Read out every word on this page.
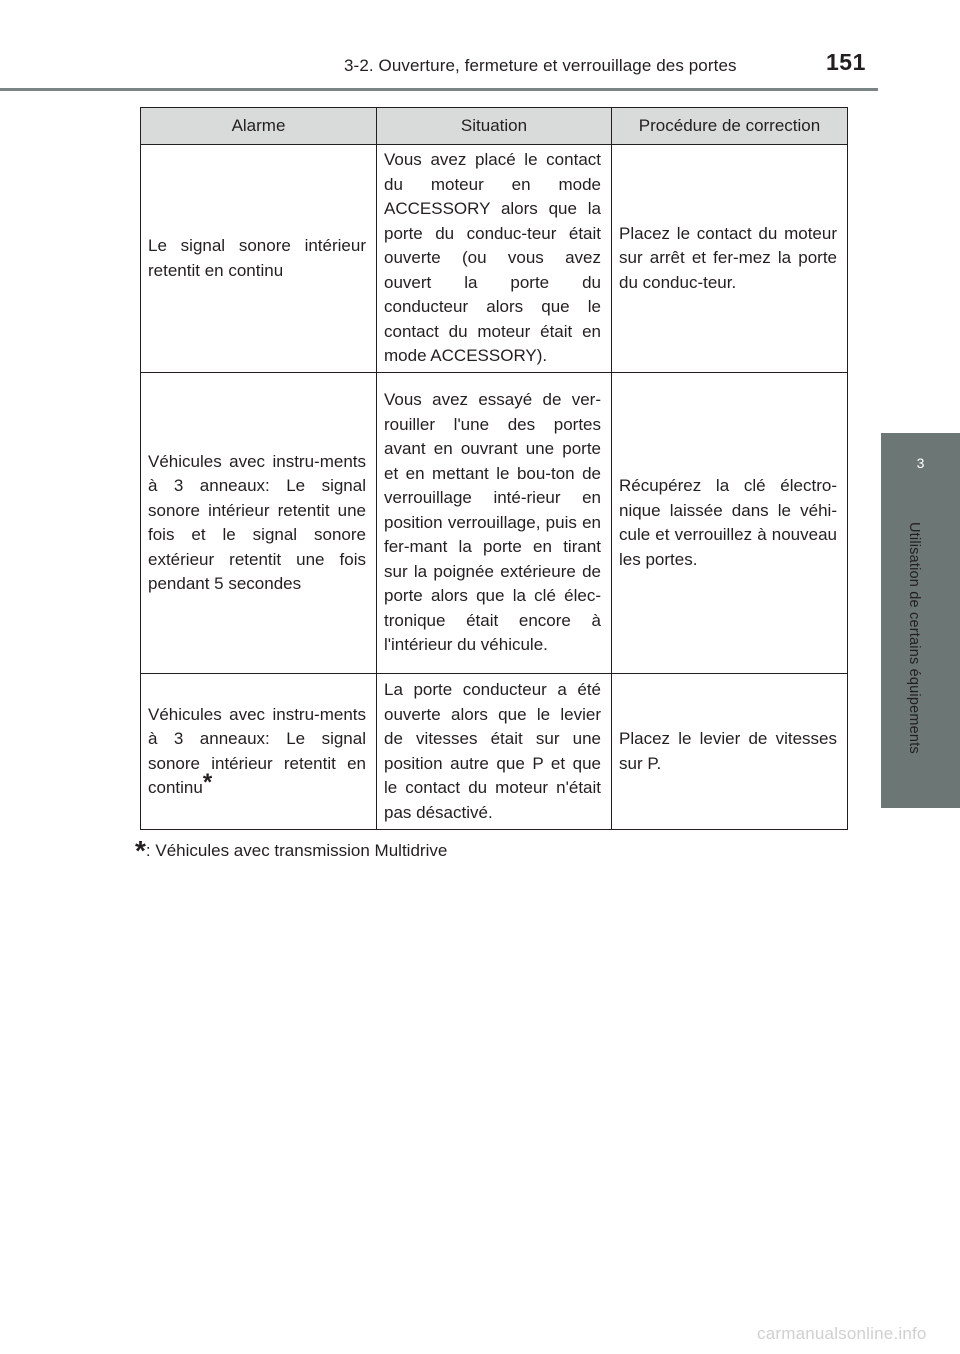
3-2. Ouverture, fermeture et verrouillage des portes	151
3
Utilisation de certains équipements
Alarme	Situation	Procédure de correction

Le signal sonore intérieur retentit en continu	Vous avez placé le contact du moteur en mode ACCESSORY alors que la porte du conduc-teur était ouverte (ou vous avez ouvert la porte du conducteur alors que le contact du moteur était en mode ACCESSORY).	Placez le contact du moteur sur arrêt et fer-mez la porte du conduc-teur.

Véhicules avec instru-ments à 3 anneaux: Le signal sonore intérieur retentit une fois et le signal sonore extérieur retentit une fois pendant 5 secondes	Vous avez essayé de ver-rouiller l'une des portes avant en ouvrant une porte et en mettant le bou-ton de verrouillage inté-rieur en position verrouillage, puis en fer-mant la porte en tirant sur la poignée extérieure de porte alors que la clé élec-tronique était encore à l'intérieur du véhicule.	Récupérez la clé électro-nique laissée dans le véhi-cule et verrouillez à nouveau les portes.

Véhicules avec instru-ments à 3 anneaux: Le signal sonore intérieur retentit en continu*	La porte conducteur a été ouverte alors que le levier de vitesses était sur une position autre que P et que le contact du moteur n'était pas désactivé.	Placez le levier de vitesses sur P.
*: Véhicules avec transmission Multidrive
carmanualsonline.info
